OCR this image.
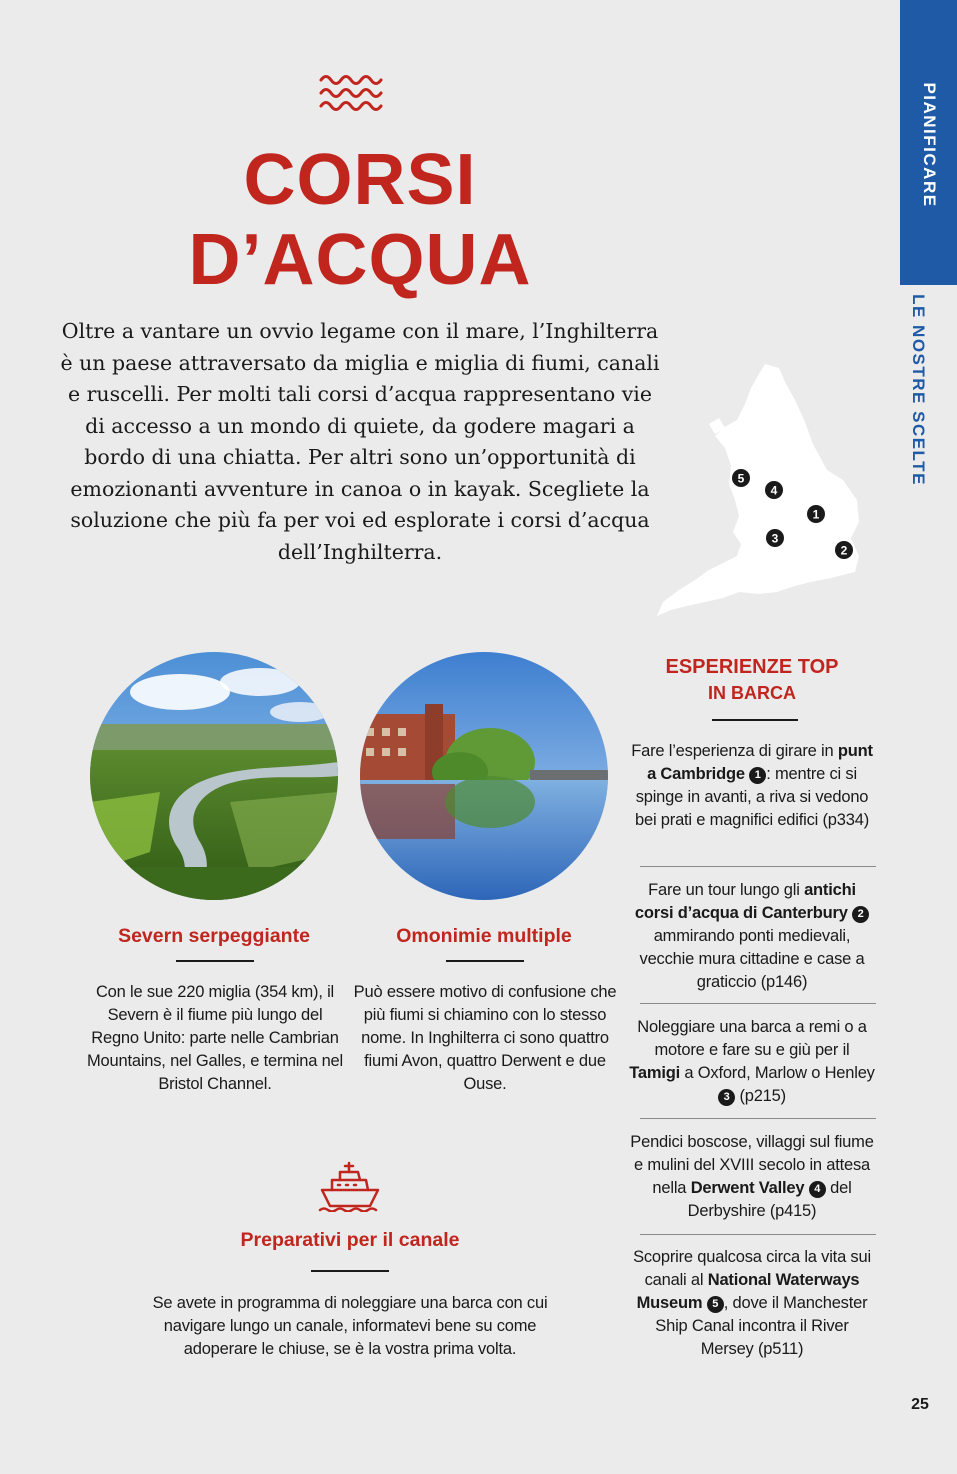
PIANIFICARE
LE NOSTRE SCELTE
CORSI
D’ACQUA

Oltre a vantare un ovvio legame con il mare, l’Inghilterra è un paese attraversato da miglia e miglia di fiumi, canali e ruscelli. Per molti tali corsi d’acqua rappresentano vie di accesso a un mondo di quiete, da godere magari a bordo di una chiatta. Per altri sono un’opportunità di emozionanti avventure in canoa o in kayak. Scegliete la soluzione che più fa per voi ed esplorate i corsi d’acqua dell’Inghilterra.

5
4
1
3
2
Severn serpeggiante
Con le sue 220 miglia (354 km), il Severn è il fiume più lungo del Regno Unito: parte nelle Cambrian Mountains, nel Galles, e termina nel Bristol Channel.
Omonimie multiple
Può essere motivo di confusione che più fiumi si chiamino con lo stesso nome. In Inghilterra ci sono quattro fiumi Avon, quattro Derwent e due Ouse.
Preparativi per il canale
Se avete in programma di noleggiare una barca con cui navigare lungo un canale, informatevi bene su come adoperare le chiuse, se è la vostra prima volta.
ESPERIENZE TOP
IN BARCA
Fare l’esperienza di girare in punt a Cambridge 1 : mentre ci si spinge in avanti, a riva si vedono bei prati e magnifici edifici (p334)
Fare un tour lungo gli antichi corsi d’acqua di Canterbury 2 ammirando ponti medievali, vecchie mura cittadine e case a graticcio (p146)
Noleggiare una barca a remi o a motore e fare su e giù per il Tamigi a Oxford, Marlow o Henley 3 (p215)
Pendici boscose, villaggi sul fiume e mulini del XVIII secolo in attesa nella Derwent Valley 4 del Derbyshire (p415)
Scoprire qualcosa circa la vita sui canali al National Waterways Museum 5 , dove il Manchester Ship Canal incontra il River Mersey (p511)
25
